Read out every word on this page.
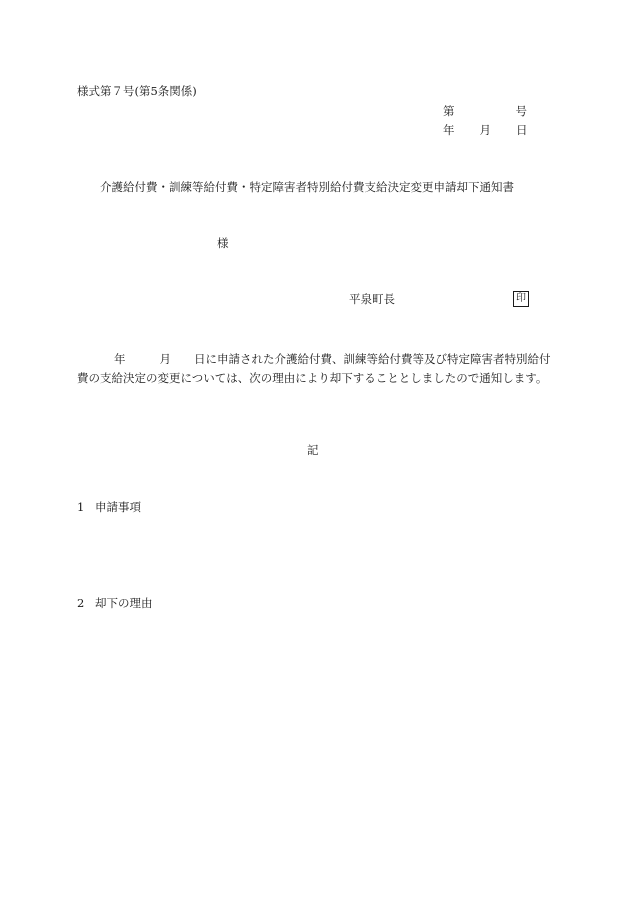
様式第７号(第5条関係)
第	号
年 月 日
介護給付費・訓練等給付費・特定障害者特別給付費支給決定変更申請却下通知書
様
平泉町長	印
年	月 日に申請された介護給付費、訓練等給付費等及び特定障害者特別給付費の支給決定の変更については、次の理由により却下することとしましたので通知します。
記
1 申請事項
2 却下の理由
